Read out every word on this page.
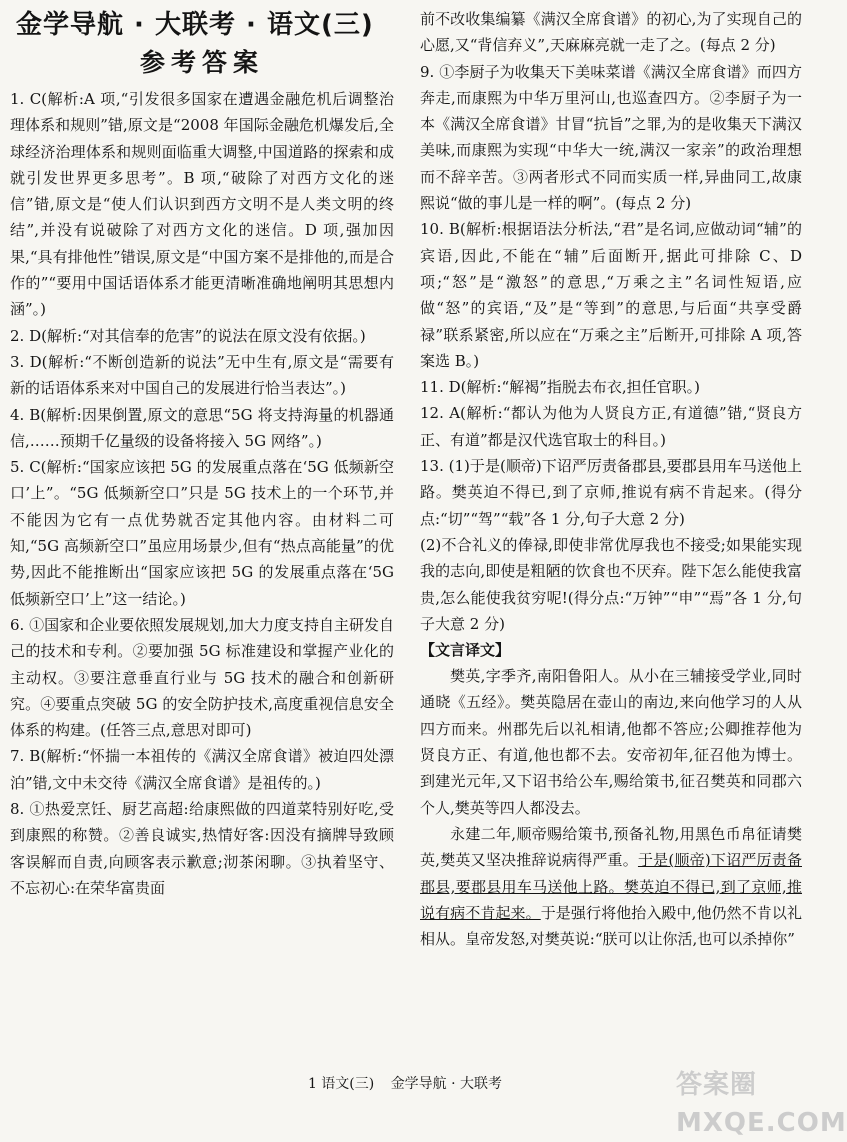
金学导航 · 大联考 · 语文(三)
参考答案

1. C(解析:A 项,“引发很多国家在遭遇金融危机后调整治理体系和规则”错,原文是“2008 年国际金融危机爆发后,全球经济治理体系和规则面临重大调整,中国道路的探索和成就引发世界更多思考”。B 项,“破除了对西方文化的迷信”错,原文是“使人们认识到西方文明不是人类文明的终结”,并没有说破除了对西方文化的迷信。D 项,强加因果,“具有排他性”错误,原文是“中国方案不是排他的,而是合作的”“要用中国话语体系才能更清晰准确地阐明其思想内涵”。)

2. D(解析:“对其信奉的危害”的说法在原文没有依据。)

3. D(解析:“不断创造新的说法”无中生有,原文是“需要有新的话语体系来对中国自己的发展进行恰当表达”。)

4. B(解析:因果倒置,原文的意思“5G 将支持海量的机器通信,……预期千亿量级的设备将接入 5G 网络”。)

5. C(解析:“国家应该把 5G 的发展重点落在‘5G 低频新空口’上”。“5G 低频新空口”只是 5G 技术上的一个环节,并不能因为它有一点优势就否定其他内容。由材料二可知,“5G 高频新空口”虽应用场景少,但有“热点高能量”的优势,因此不能推断出“国家应该把 5G 的发展重点落在‘5G 低频新空口’上”这一结论。)

6. ①国家和企业要依照发展规划,加大力度支持自主研发自己的技术和专利。②要加强 5G 标准建设和掌握产业化的主动权。③要注意垂直行业与 5G 技术的融合和创新研究。④要重点突破 5G 的安全防护技术,高度重视信息安全体系的构建。(任答三点,意思对即可)

7. B(解析:“怀揣一本祖传的《满汉全席食谱》被迫四处漂泊”错,文中未交待《满汉全席食谱》是祖传的。)

8. ①热爱烹饪、厨艺高超:给康熙做的四道菜特别好吃,受到康熙的称赞。②善良诚实,热情好客:因没有摘牌导致顾客误解而自责,向顾客表示歉意;沏茶闲聊。③执着坚守、不忘初心:在荣华富贵面

前不改收集编纂《满汉全席食谱》的初心,为了实现自己的心愿,又“背信弃义”,天麻麻亮就一走了之。(每点 2 分)

9. ①李厨子为收集天下美味菜谱《满汉全席食谱》而四方奔走,而康熙为中华万里河山,也巡查四方。②李厨子为一本《满汉全席食谱》甘冒“抗旨”之罪,为的是收集天下满汉美味,而康熙为实现“中华大一统,满汉一家亲”的政治理想而不辞辛苦。③两者形式不同而实质一样,异曲同工,故康熙说“做的事儿是一样的啊”。(每点 2 分)

10. B(解析:根据语法分析法,“君”是名词,应做动词“辅”的宾语,因此,不能在“辅”后面断开,据此可排除 C、D 项;“怒”是“激怒”的意思,“万乘之主”名词性短语,应做“怒”的宾语,“及”是“等到”的意思,与后面“共享受爵禄”联系紧密,所以应在“万乘之主”后断开,可排除 A 项,答案选 B。)

11. D(解析:“解褐”指脱去布衣,担任官职。)

12. A(解析:“都认为他为人贤良方正,有道德”错,“贤良方正、有道”都是汉代选官取士的科目。)

13. (1)于是(顺帝)下诏严厉责备郡县,要郡县用车马送他上路。樊英迫不得已,到了京师,推说有病不肯起来。(得分点:“切”“驾”“载”各 1 分,句子大意 2 分)

(2)不合礼义的俸禄,即使非常优厚我也不接受;如果能实现我的志向,即使是粗陋的饮食也不厌弃。陛下怎么能使我富贵,怎么能使我贫穷呢!(得分点:“万钟”“申”“焉”各 1 分,句子大意 2 分)

【文言译文】

樊英,字季齐,南阳鲁阳人。从小在三辅接受学业,同时通晓《五经》。樊英隐居在壶山的南边,来向他学习的人从四方而来。州郡先后以礼相请,他都不答应;公卿推荐他为贤良方正、有道,他也都不去。安帝初年,征召他为博士。到建光元年,又下诏书给公车,赐给策书,征召樊英和同郡六个人,樊英等四人都没去。

永建二年,顺帝赐给策书,预备礼物,用黑色币帛征请樊英,樊英又坚决推辞说病得严重。于是(顺帝)下诏严厉责备郡县,要郡县用车马送他上路。樊英迫不得已,到了京师,推说有病不肯起来。于是强行将他抬入殿中,他仍然不肯以礼相从。皇帝发怒,对樊英说:“朕可以让你活,也可以杀掉你”

1 语文(三) 金学导航 · 大联考	答案圈 MXQE.COM
